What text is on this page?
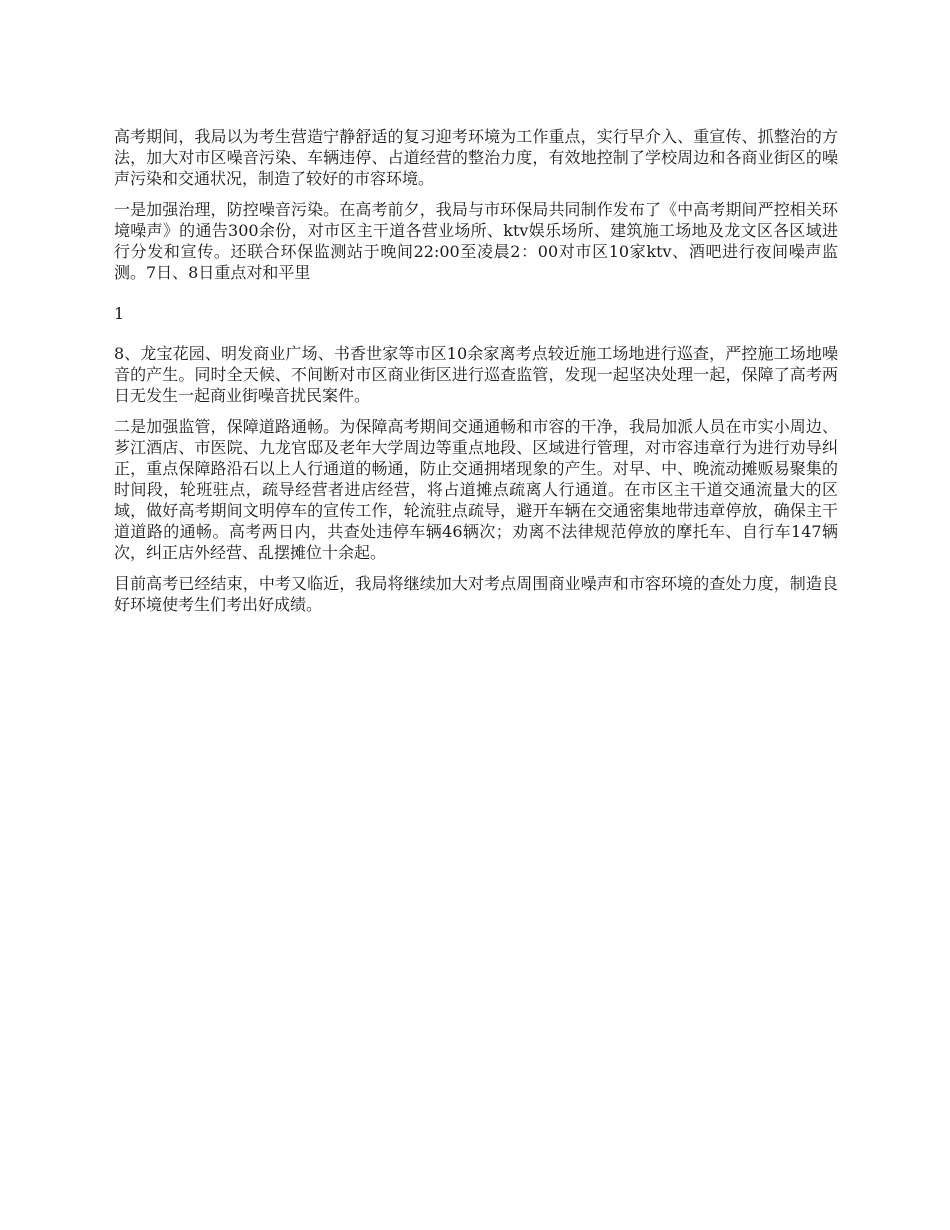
高考期间，我局以为考生营造宁静舒适的复习迎考环境为工作重点，实行早介入、重宣传、抓整治的方法，加大对市区噪音污染、车辆违停、占道经营的整治力度，有效地控制了学校周边和各商业街区的噪声污染和交通状况，制造了较好的市容环境。

一是加强治理，防控噪音污染。在高考前夕，我局与市环保局共同制作发布了《中高考期间严控相关环境噪声》的通告300余份，对市区主干道各营业场所、ktv娱乐场所、建筑施工场地及龙文区各区域进行分发和宣传。还联合环保监测站于晚间22:00至凌晨2：00对市区10家ktv、酒吧进行夜间噪声监测。7日、8日重点对和平里

1

8、龙宝花园、明发商业广场、书香世家等市区10余家离考点较近施工场地进行巡查，严控施工场地噪音的产生。同时全天候、不间断对市区商业街区进行巡查监管，发现一起坚决处理一起，保障了高考两日无发生一起商业街噪音扰民案件。

二是加强监管，保障道路通畅。为保障高考期间交通通畅和市容的干净，我局加派人员在市实小周边、芗江酒店、市医院、九龙官邸及老年大学周边等重点地段、区域进行管理，对市容违章行为进行劝导纠正，重点保障路沿石以上人行通道的畅通，防止交通拥堵现象的产生。对早、中、晚流动摊贩易聚集的时间段，轮班驻点，疏导经营者进店经营，将占道摊点疏离人行通道。在市区主干道交通流量大的区域，做好高考期间文明停车的宣传工作，轮流驻点疏导，避开车辆在交通密集地带违章停放，确保主干道道路的通畅。高考两日内，共查处违停车辆46辆次；劝离不法律规范停放的摩托车、自行车147辆次，纠正店外经营、乱摆摊位十余起。

目前高考已经结束，中考又临近，我局将继续加大对考点周围商业噪声和市容环境的查处力度，制造良好环境使考生们考出好成绩。
